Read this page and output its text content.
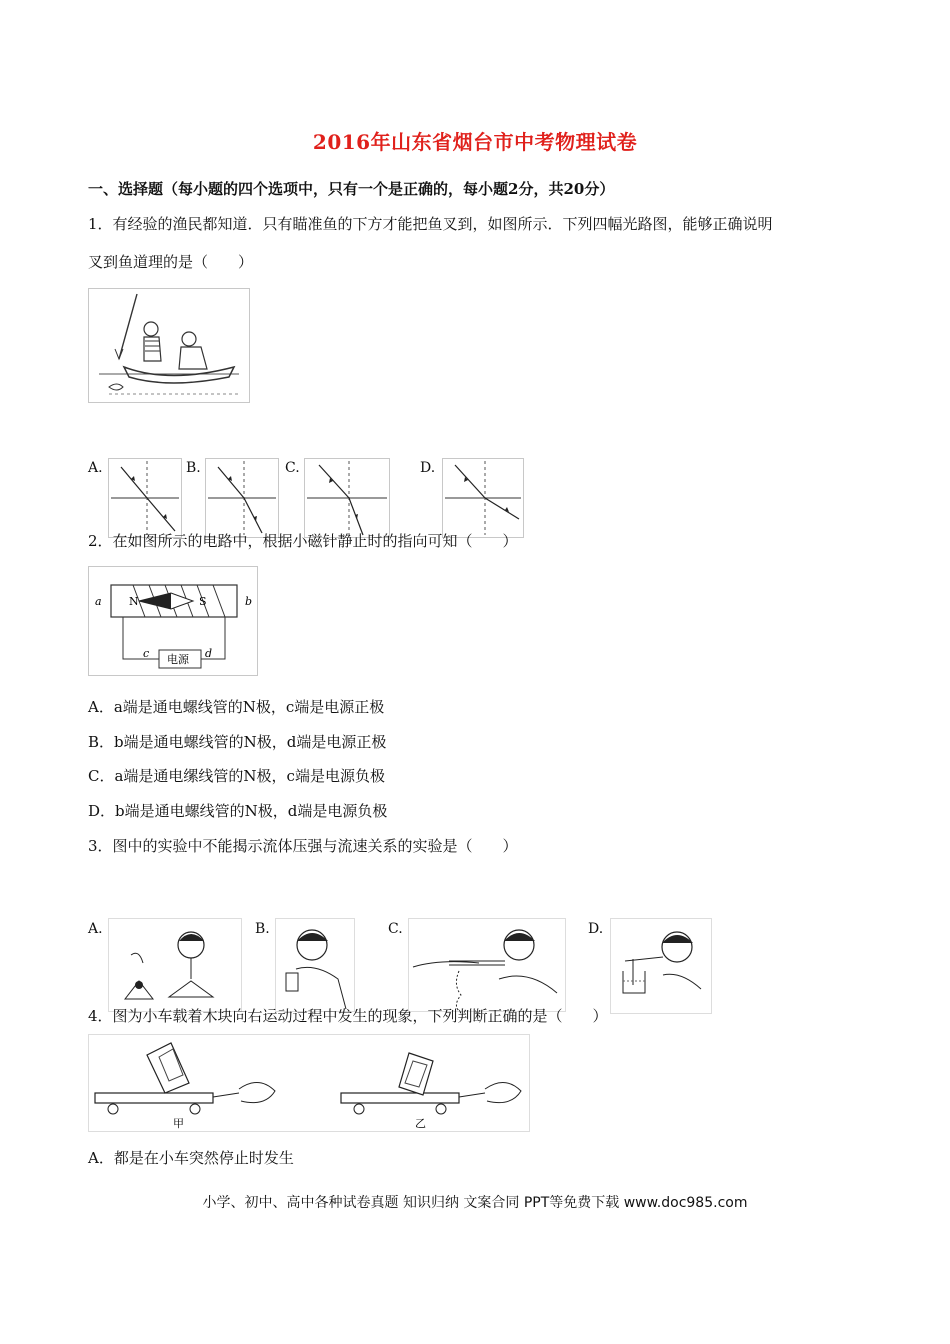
2016年山东省烟台市中考物理试卷
一、选择题（每小题的四个选项中，只有一个是正确的，每小题2分，共20分）
1．有经验的渔民都知道．只有瞄准鱼的下方才能把鱼叉到，如图所示．下列四幅光路图，能够正确说明
叉到鱼道理的是（　　）
A.	B.	C.	D.
2．在如图所示的电路中，根据小磁针静止时的指向可知（　　）
N	S
a	b
电源
c	d
A．a端是通电螺线管的N极，c端是电源正极
B．b端是通电螺线管的N极，d端是电源正极
C．a端是通电缧线管的N极，c端是电源负极
D．b端是通电螺线管的N极，d端是电源负极
3．图中的实验中不能揭示流体压强与流速关系的实验是（　　）
A.	B.	C.	D.
4．图为小车载着木块向右运动过程中发生的现象，下列判断正确的是（　　）
甲	乙
A．都是在小车突然停止时发生
小学、初中、高中各种试卷真题 知识归纳 文案合同 PPT等免费下载 www.doc985.com
